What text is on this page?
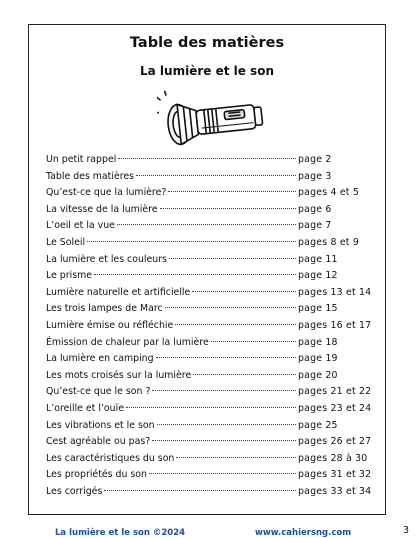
Table des matières
La lumière et le son
Un petit rappel	page 2
Table des matières	page 3
Qu’est-ce que la lumière?	pages 4 et 5
La vitesse de la lumière	page 6
L’oeil et la vue	page 7
Le Soleil	pages 8 et 9
La lumière et les couleurs	page 11
Le prisme	page 12
Lumière naturelle et artificielle	pages 13 et 14
Les trois lampes de Marc	page 15
Lumière émise ou réfléchie	pages 16 et 17
Émission de chaleur par la lumière	page 18
La lumière en camping	page 19
Les mots croisés sur la lumière	page 20
Qu’est-ce que le son ?	pages 21 et 22
L’oreille et l’ouïe	pages 23 et 24
Les vibrations et le son	page 25
Cest agréable ou pas?	pages 26 et 27
Les caractéristiques du son	pages 28 à 30
Les propriétés du son	pages 31 et 32
Les corrigés	pages 33 et 34
La lumière et le son ©2024	www.cahiersng.com	3
